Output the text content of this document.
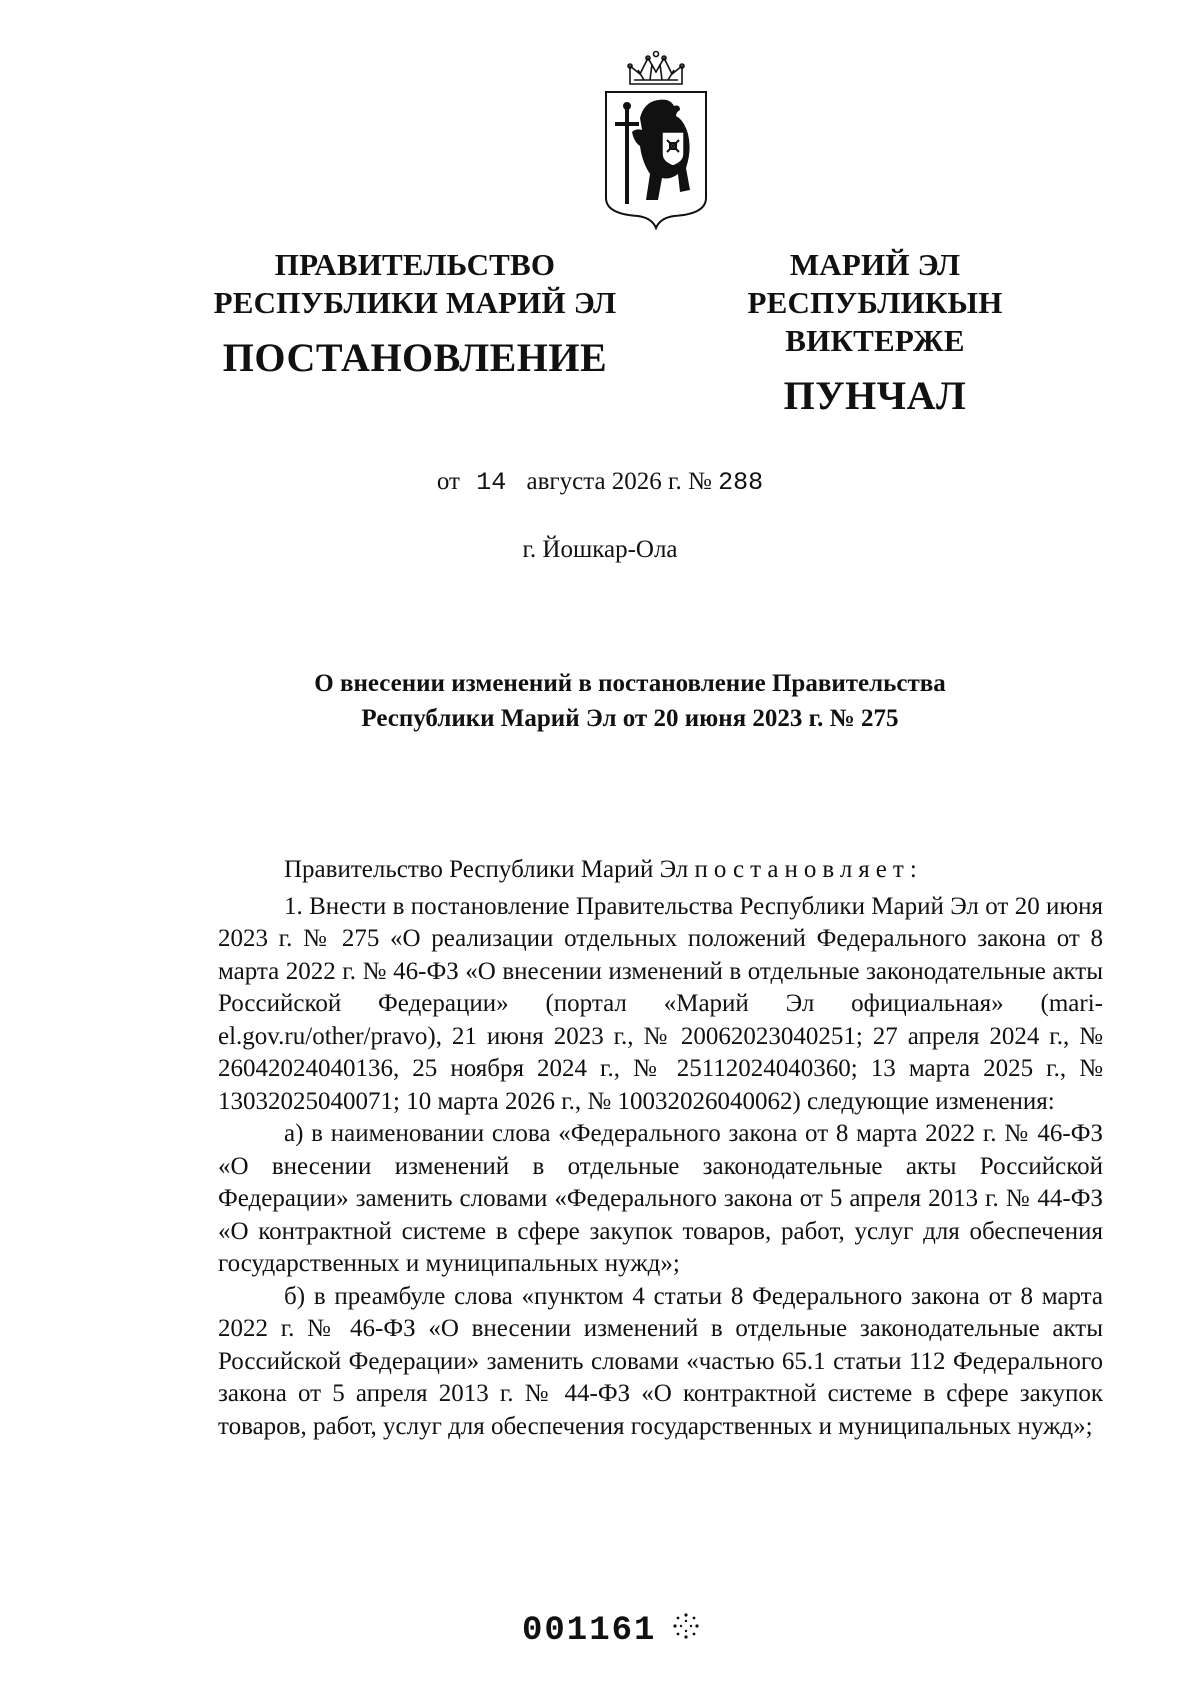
ПРАВИТЕЛЬСТВО
РЕСПУБЛИКИ МАРИЙ ЭЛ
ПОСТАНОВЛЕНИЕ
МАРИЙ ЭЛ РЕСПУБЛИКЫН
ВИКТЕРЖЕ
ПУНЧАЛ
от 14 августа 2026 г. № 288
г. Йошкар-Ола
О внесении изменений в постановление Правительства
Республики Марий Эл от 20 июня 2023 г. № 275

Правительство Республики Марий Эл постановляет:

1. Внести в постановление Правительства Республики Марий Эл от 20 июня 2023 г. № 275 «О реализации отдельных положений Федерального закона от 8 марта 2022 г. № 46-ФЗ «О внесении изменений в отдельные законодательные акты Российской Федерации» (портал «Марий Эл официальная» (mari-el.gov.ru/other/pravo), 21 июня 2023 г., № 20062023040251; 27 апреля 2024 г., № 26042024040136, 25 ноября 2024 г., № 25112024040360; 13 марта 2025 г., № 13032025040071; 10 марта 2026 г., № 10032026040062) следующие изменения:

а) в наименовании слова «Федерального закона от 8 марта 2022 г. № 46-ФЗ «О внесении изменений в отдельные законодательные акты Российской Федерации» заменить словами «Федерального закона от 5 апреля 2013 г. № 44-ФЗ «О контрактной системе в сфере закупок товаров, работ, услуг для обеспечения государственных и муниципальных нужд»;

б) в преамбуле слова «пунктом 4 статьи 8 Федерального закона от 8 марта 2022 г. № 46-ФЗ «О внесении изменений в отдельные законодательные акты Российской Федерации» заменить словами «частью 65.1 статьи 112 Федерального закона от 5 апреля 2013 г. № 44-ФЗ «О контрактной системе в сфере закупок товаров, работ, услуг для обеспечения государственных и муниципальных нужд»;

001161
